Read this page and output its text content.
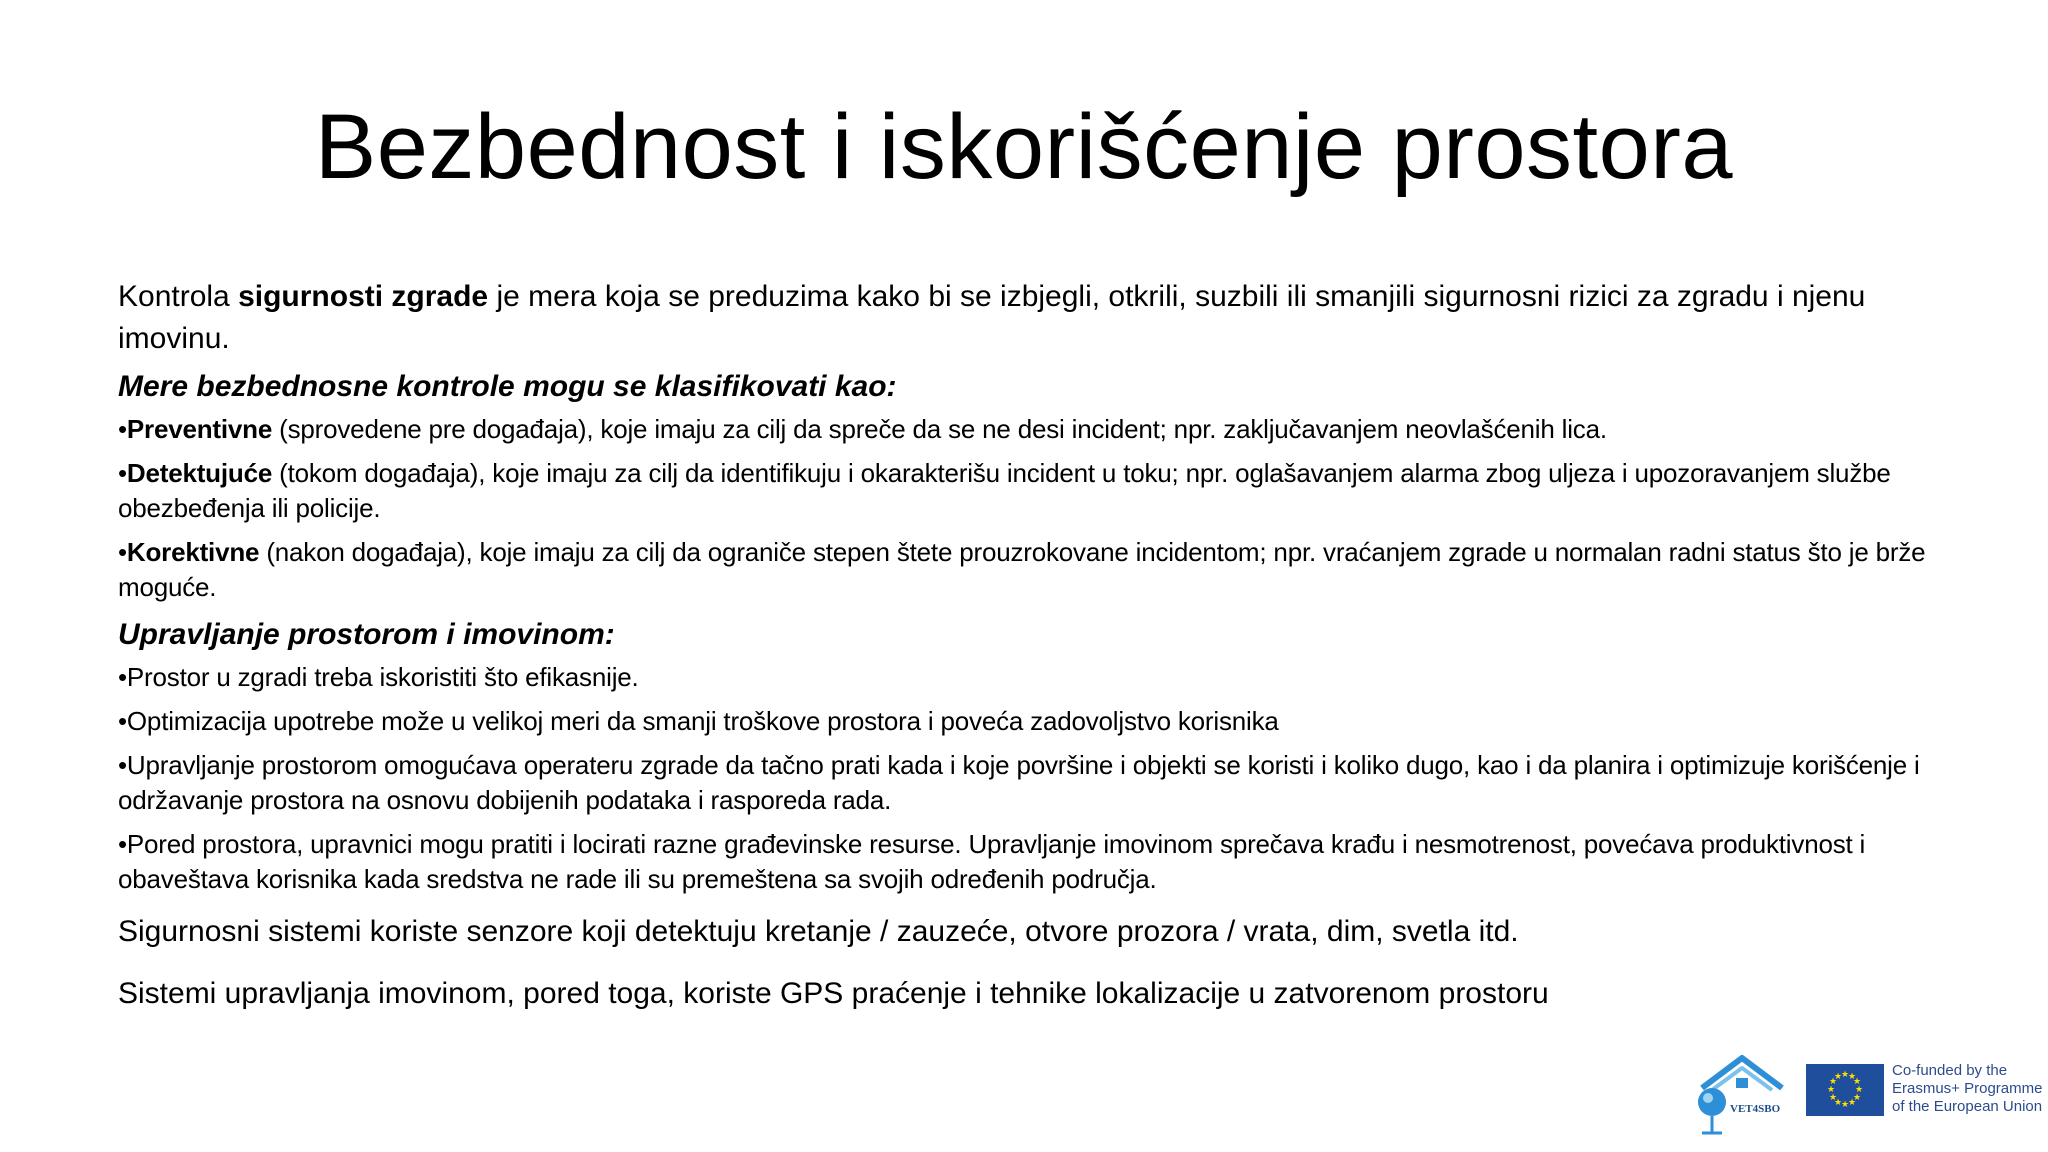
Bezbednost i iskorišćenje prostora

Kontrola sigurnosti zgrade je mera koja se preduzima kako bi se izbjegli, otkrili, suzbili ili smanjili sigurnosni rizici za zgradu i njenu imovinu.

Mere bezbednosne kontrole mogu se klasifikovati kao:
•Preventivne (sprovedene pre događaja), koje imaju za cilj da spreče da se ne desi incident; npr. zaključavanjem neovlašćenih lica.
•Detektujuće (tokom događaja), koje imaju za cilj da identifikuju i okarakterišu incident u toku; npr. oglašavanjem alarma zbog uljeza i upozoravanjem službe obezbeđenja ili policije.
•Korektivne (nakon događaja), koje imaju za cilj da ograniče stepen štete prouzrokovane incidentom; npr. vraćanjem zgrade u normalan radni status što je brže moguće.
Upravljanje prostorom i imovinom:
•Prostor u zgradi treba iskoristiti što efikasnije.
•Optimizacija upotrebe može u velikoj meri da smanji troškove prostora i poveća zadovoljstvo korisnika
•Upravljanje prostorom omogućava operateru zgrade da tačno prati kada i koje površine i objekti se koristi i koliko dugo, kao i da planira i optimizuje korišćenje i održavanje prostora na osnovu dobijenih podataka i rasporeda rada.
•Pored prostora, upravnici mogu pratiti i locirati razne građevinske resurse. Upravljanje imovinom sprečava krađu i nesmotrenost, povećava produktivnost i obaveštava korisnika kada sredstva ne rade ili su premeštena sa svojih određenih područja.

Sigurnosni sistemi koriste senzore koji detektuju kretanje / zauzeće, otvore prozora / vrata, dim, svetla itd.

Sistemi upravljanja imovinom, pored toga, koriste GPS praćenje i tehnike lokalizacije u zatvorenom prostoru

VET4SBO
★
★
★
★
★
★
★
★
★
★
★
★	Co-funded by the
Erasmus+ Programme
of the European Union
